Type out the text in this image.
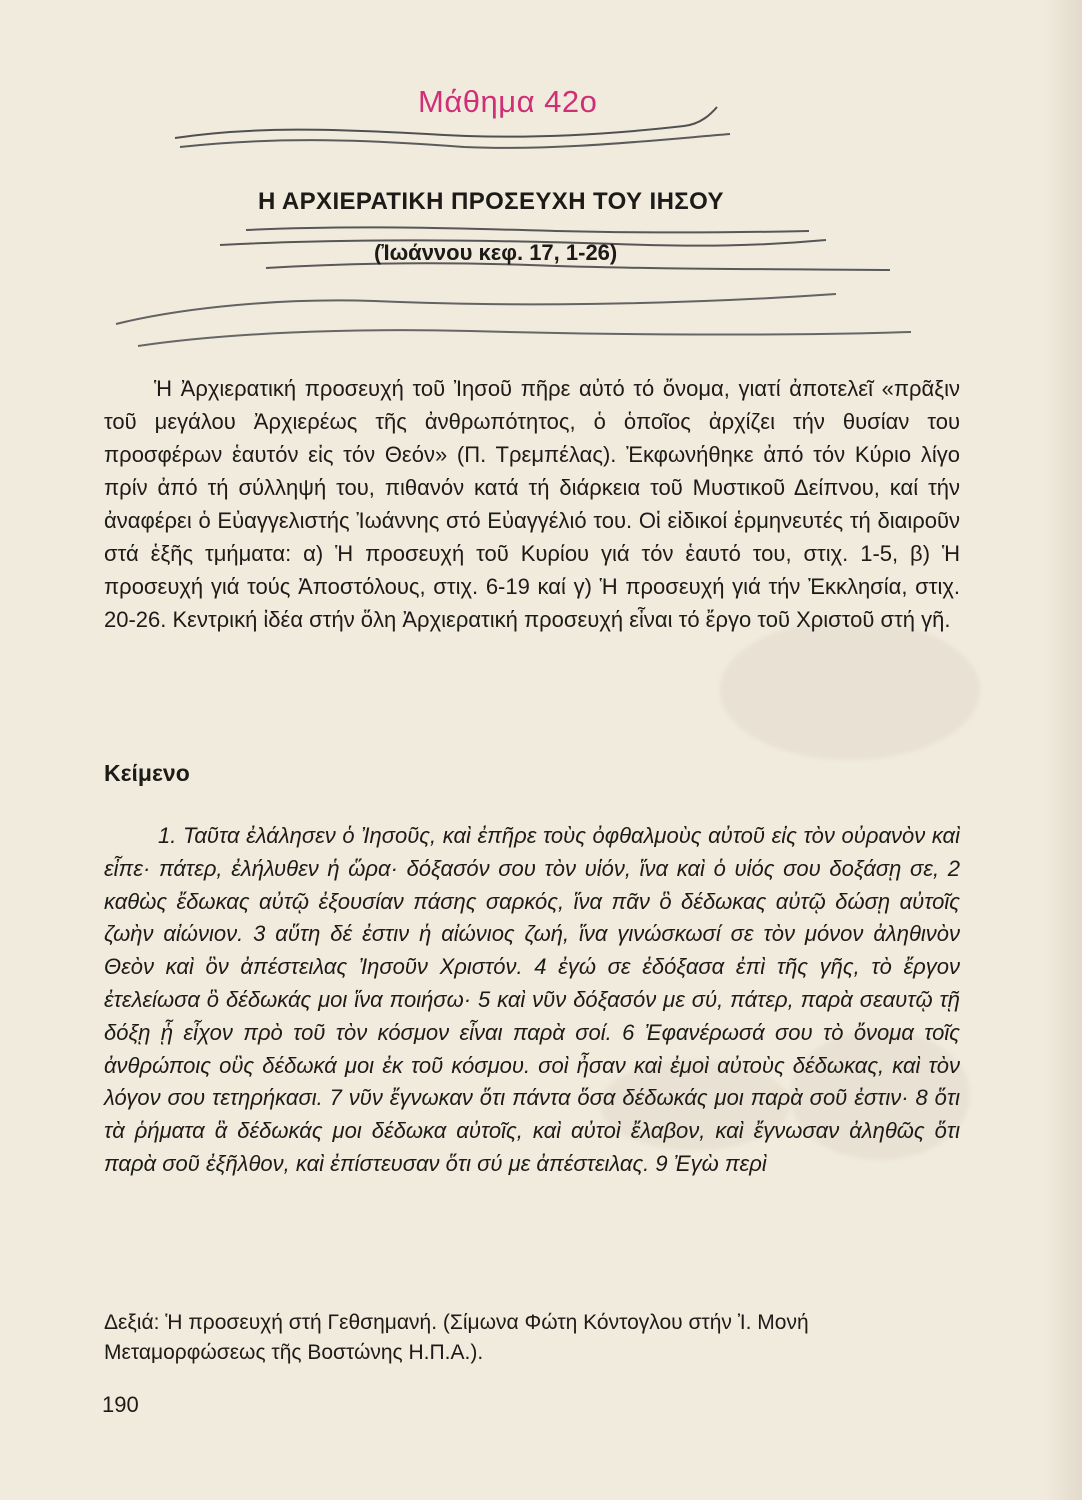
Μάθημα 42ο
Η ΑΡΧΙΕΡΑΤΙΚΗ ΠΡΟΣΕΥΧΗ ΤΟΥ ΙΗΣΟΥ
(Ἰωάννου κεφ. 17, 1-26)
Ἡ Ἀρχιερατική προσευχή τοῦ Ἰησοῦ πῆρε αὐτό τό ὄνομα, γιατί ἀποτελεῖ «πρᾶξιν τοῦ μεγάλου Ἀρχιερέως τῆς ἀνθρωπότητος, ὁ ὁποῖος ἀρχίζει τήν θυσίαν του προσφέρων ἑαυτόν εἰς τόν Θεόν» (Π. Τρεμπέλας). Ἐκφωνήθηκε ἀπό τόν Κύριο λίγο πρίν ἀπό τή σύλληψή του, πιθανόν κατά τή διάρκεια τοῦ Μυστικοῦ Δείπνου, καί τήν ἀναφέρει ὁ Εὐαγγελιστής Ἰωάννης στό Εὐαγγέλιό του. Οἱ εἰδικοί ἑρμηνευτές τή διαιροῦν στά ἑξῆς τμήματα: α) Ἡ προσευχή τοῦ Κυρίου γιά τόν ἑαυτό του, στιχ. 1-5, β) Ἡ προσευχή γιά τούς Ἀποστόλους, στιχ. 6-19 καί γ) Ἡ προσευχή γιά τήν Ἐκκλησία, στιχ. 20-26. Κεντρική ἰδέα στήν ὅλη Ἀρχιερατική προσευχή εἶναι τό ἔργο τοῦ Χριστοῦ στή γῆ.
Κείμενο
1. Ταῦτα ἐλάλησεν ὁ Ἰησοῦς, καὶ ἐπῆρε τοὺς ὀφθαλμοὺς αὐτοῦ εἰς τὸν οὐρανὸν καὶ εἶπε· πάτερ, ἐλήλυθεν ἡ ὥρα· δόξασόν σου τὸν υἱόν, ἵνα καὶ ὁ υἱός σου δοξάσῃ σε, 2 καθὼς ἔδωκας αὐτῷ ἐξουσίαν πάσης σαρκός, ἵνα πᾶν ὃ δέδωκας αὐτῷ δώσῃ αὐτοῖς ζωὴν αἰώνιον. 3 αὕτη δέ ἐστιν ἡ αἰώνιος ζωή, ἵνα γινώσκωσί σε τὸν μόνον ἀληθινὸν Θεὸν καὶ ὃν ἀπέστειλας Ἰησοῦν Χριστόν. 4 ἐγώ σε ἐδόξασα ἐπὶ τῆς γῆς, τὸ ἔργον ἐτελείωσα ὃ δέδωκάς μοι ἵνα ποιήσω· 5 καὶ νῦν δόξασόν με σύ, πάτερ, παρὰ σεαυτῷ τῇ δόξῃ ᾗ εἶχον πρὸ τοῦ τὸν κόσμον εἶναι παρὰ σοί. 6 Ἐφανέρωσά σου τὸ ὄνομα τοῖς ἀνθρώποις οὓς δέδωκά μοι ἐκ τοῦ κόσμου. σοὶ ἦσαν καὶ ἐμοὶ αὐτοὺς δέδωκας, καὶ τὸν λόγον σου τετηρήκασι. 7 νῦν ἔγνωκαν ὅτι πάντα ὅσα δέδωκάς μοι παρὰ σοῦ ἐστιν· 8 ὅτι τὰ ῥήματα ἃ δέδωκάς μοι δέδωκα αὐτοῖς, καὶ αὐτοὶ ἔλαβον, καὶ ἔγνωσαν ἀληθῶς ὅτι παρὰ σοῦ ἐξῆλθον, καὶ ἐπίστευσαν ὅτι σύ με ἀπέστειλας. 9 Ἐγὼ περὶ
Δεξιά: Ἡ προσευχή στή Γεθσημανή. (Σίμωνα Φώτη Κόντογλου στήν Ἰ. Μονή Μεταμορφώσεως τῆς Βοστώνης Η.Π.Α.).
190
